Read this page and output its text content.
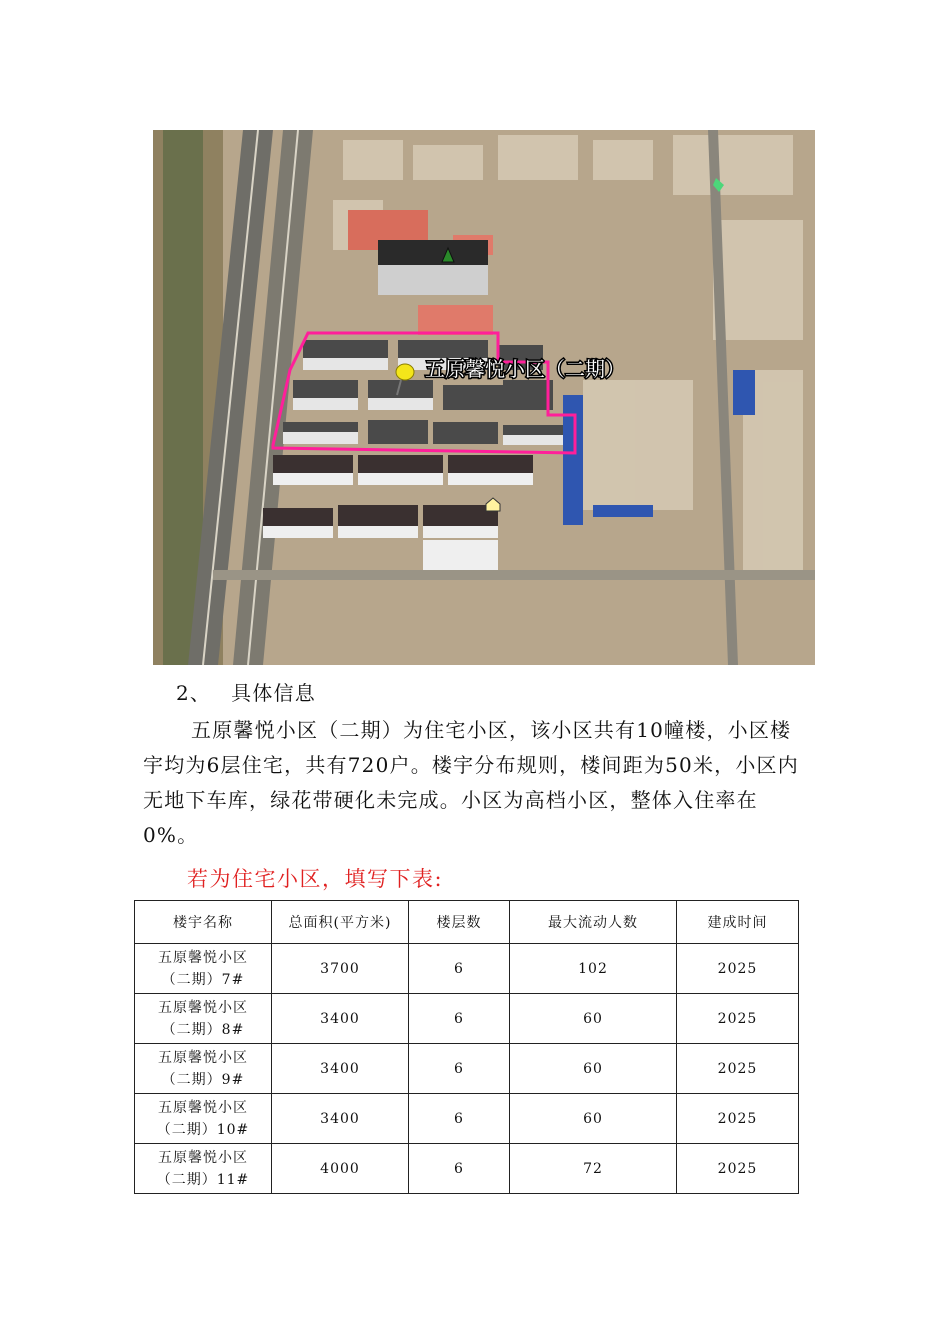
五原馨悦小区（二期）

2、 具体信息

五原馨悦小区（二期）为住宅小区，该小区共有10幢楼，小区楼宇均为6层住宅，共有720户。楼宇分布规则，楼间距为50米，小区内无地下车库，绿花带硬化未完成。小区为高档小区，整体入住率在0%。

若为住宅小区，填写下表:
楼宇名称	总面积(平方米)	楼层数	最大流动人数	建成时间

五原馨悦小区
（二期）7#	3700	6	102	2025

五原馨悦小区
（二期）8#	3400	6	60	2025

五原馨悦小区
（二期）9#	3400	6	60	2025

五原馨悦小区
（二期）10#	3400	6	60	2025

五原馨悦小区
（二期）11#	4000	6	72	2025
